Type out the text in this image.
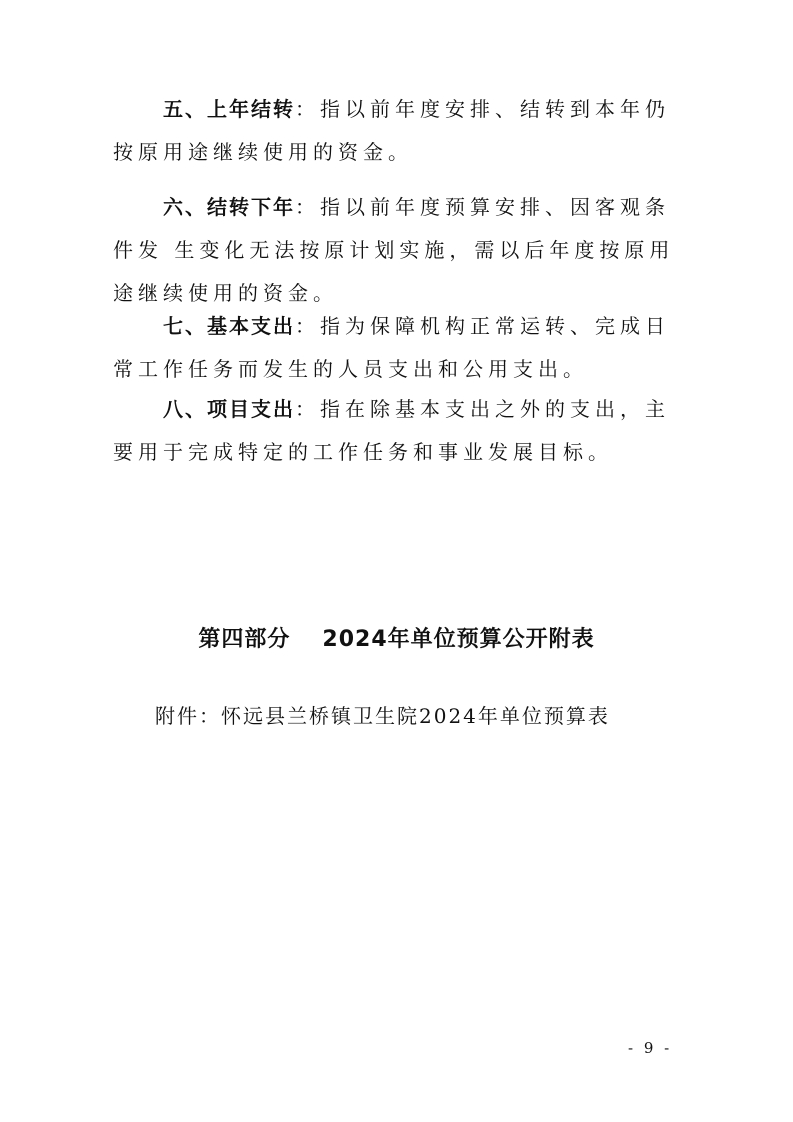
五、上年结转：指以前年度安排、结转到本年仍按原用途继续使用的资金。

六、结转下年：指以前年度预算安排、因客观条件发 生变化无法按原计划实施，需以后年度按原用途继续使用的资金。

七、基本支出：指为保障机构正常运转、完成日常工作任务而发生的人员支出和公用支出。

八、项目支出：指在除基本支出之外的支出，主要用于完成特定的工作任务和事业发展目标。

第四部分 2024年单位预算公开附表

附件：怀远县兰桥镇卫生院2024年单位预算表

- 9 -
